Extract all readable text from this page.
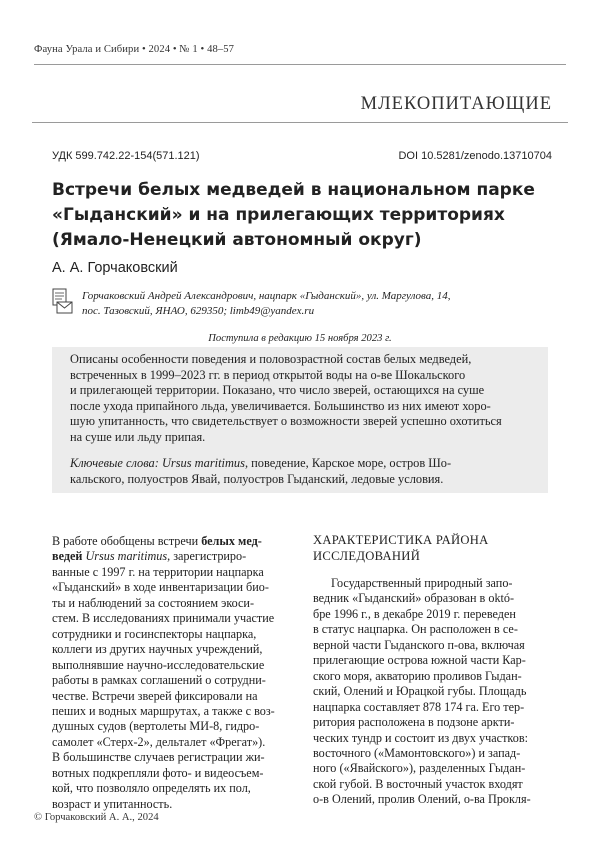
Фауна Урала и Сибири • 2024 • № 1 • 48–57
МЛЕКОПИТАЮЩИЕ
УДК 599.742.22-154(571.121)	DOI 10.5281/zenodo.13710704
Встречи белых медведей в национальном парке
«Гыданский» и на прилегающих территориях
(Ямало-Ненецкий автономный округ)
А. А. Горчаковский
Горчаковский Андрей Александрович, нацпарк «Гыданский», ул. Маргулова, 14,
пос. Тазовский, ЯНАО, 629350; limb49@yandex.ru
Поступила в редакцию 15 ноября 2023 г.

Описаны особенности поведения и половозрастной состав белых медведей,
встреченных в 1999–2023 гг. в период открытой воды на о-ве Шокальского
и прилегающей территории. Показано, что число зверей, остающихся на суше
после ухода припайного льда, увеличивается. Большинство из них имеют хоро-
шую упитанность, что свидетельствует о возможности зверей успешно охотиться
на суше или льду припая.

Ключевые слова: Ursus maritimus, поведение, Карское море, остров Шо-
кальского, полуостров Явай, полуостров Гыданский, ледовые условия.

В работе обобщены встречи белых мед-
ведей Ursus maritimus, зарегистриро-
ванные с 1997 г. на территории нацпарка
«Гыданский» в ходе инвентаризации био-
ты и наблюдений за состоянием экоси-
стем. В исследованиях принимали участие
сотрудники и госинспекторы нацпарка,
коллеги из других научных учреждений,
выполнявшие научно-исследовательские
работы в рамках соглашений о сотрудни-
честве. Встречи зверей фиксировали на
пеших и водных маршрутах, а также с воз-
душных судов (вертолеты МИ-8, гидро-
самолет «Стерх-2», дельталет «Фрегат»).
В большинстве случаев регистрации жи-
вотных подкрепляли фото- и видеосъем-
кой, что позволяло определять их пол,
возраст и упитанность.

ХАРАКТЕРИСТИКА РАЙОНА
ИССЛЕДОВАНИЙ

Государственный природный запо-
ведник «Гыданский» образован в októ-
бре 1996 г., в декабре 2019 г. переведен
в статус нацпарка. Он расположен в се-
верной части Гыданского п-ова, включая
прилегающие острова южной части Кар-
ского моря, акваторию проливов Гыдан-
ский, Олений и Юрацкой губы. Площадь
нацпарка составляет 878 174 га. Его тер-
ритория расположена в подзоне аркти-
ческих тундр и состоит из двух участков:
восточного («Мамонтовского») и запад-
ного («Явайского»), разделенных Гыдан-
ской губой. В восточный участок входят
о-в Олений, пролив Олений, о-ва Прокля-

© Горчаковский А. А., 2024
